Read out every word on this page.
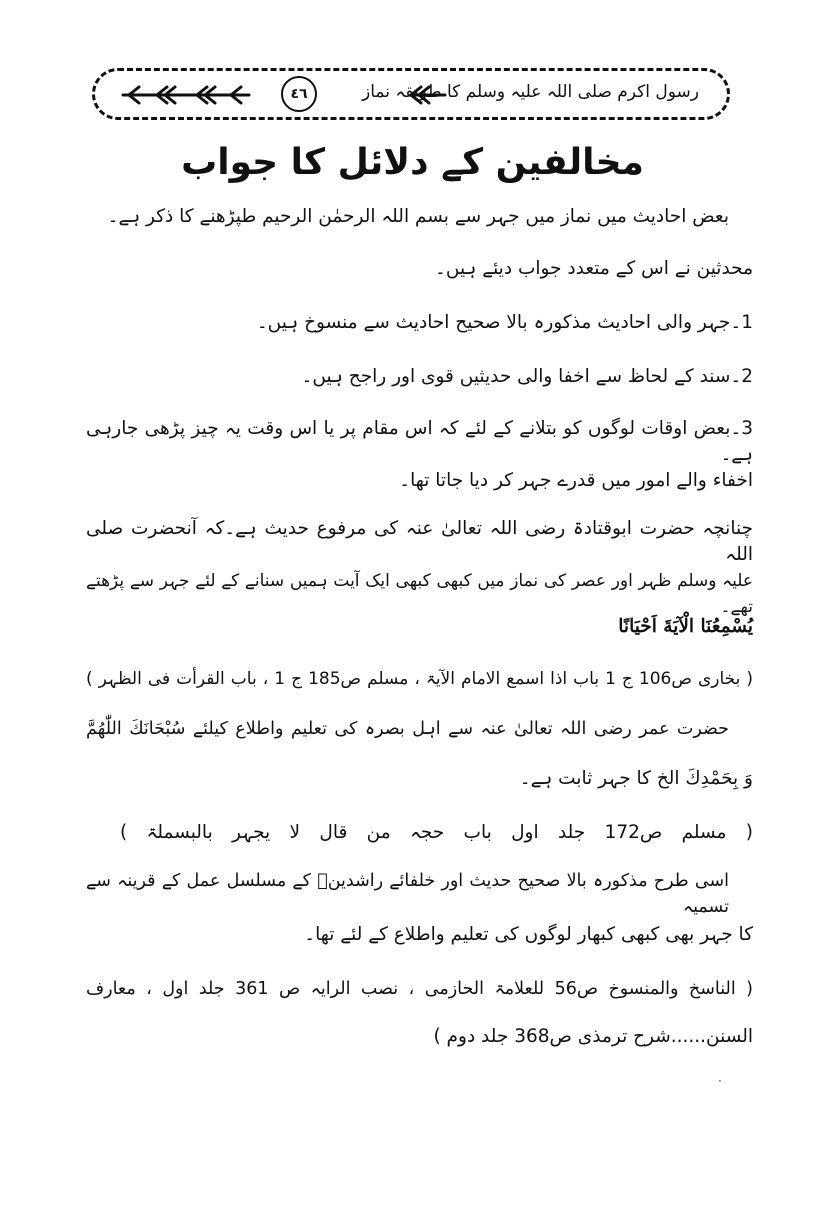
٤٦	رسول اکرم صلی اللہ علیہ وسلم کا طریقہ نماز
مخالفین کے دلائل کا جواب
بعض احادیث میں نماز میں جہر سے بسم اللہ الرحمٰن الرحیم طپڑھنے کا ذکر ہے۔
محدثین نے اس کے متعدد جواب دیئے ہیں۔
1۔جہر والی احادیث مذکورہ بالا صحیح احادیث سے منسوخ ہیں۔
2۔سند کے لحاظ سے اخفا والی حدیثیں قوی اور راجح ہیں۔
3۔بعض اوقات لوگوں کو بتلانے کے لئے کہ اس مقام پر یا اس وقت یہ چیز پڑھی جارہی ہے۔
اخفاء والے امور میں قدرے جہر کر دیا جاتا تھا۔
چنانچہ حضرت ابوقتادۃ رضی اللہ تعالیٰ عنہ کی مرفوع حدیث ہے۔کہ آنحضرت صلی اللہ
علیہ وسلم ظہر اور عصر کی نماز میں کبھی کبھی ایک آیت ہمیں سنانے کے لئے جہر سے پڑھتے تھے۔
يُسْمِعُنَا الْآيَةَ اَحْيَانًا
( بخاری ص106 ج 1 باب اذا اسمع الامام الآیۃ ، مسلم ص185 ج 1 ، باب القرأت فی الظہر )
حضرت عمر رضی اللہ تعالیٰ عنہ سے اہل بصرہ کی تعلیم واطلاع کیلئے سُبْحَانَكَ اللّٰهُمَّ
وَ بِحَمْدِكَ الخ کا جہر ثابت ہے۔
( مسلم ص172 جلد اول باب حجہ من قال لا یجہر بالبسملۃ )
اسی طرح مذکورہ بالا صحیح حدیث اور خلفائے راشدینؓ کے مسلسل عمل کے قرینہ سے تسمیہ
کا جہر بھی کبھی کبھار لوگوں کی تعلیم واطلاع کے لئے تھا۔
( الناسخ والمنسوخ ص56 للعلامۃ الحازمی ، نصب الرایہ ص 361 جلد اول ، معارف
السنن......شرح ترمذی ص368 جلد دوم )
·
